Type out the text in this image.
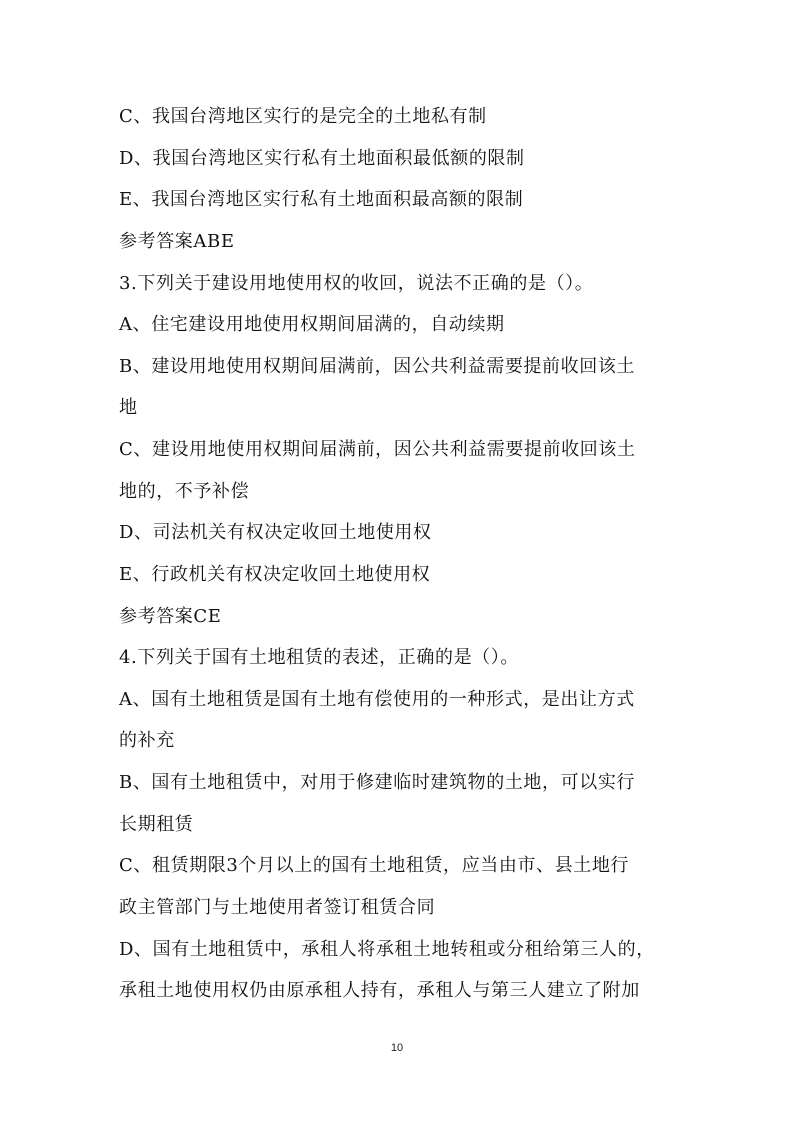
C、我国台湾地区实行的是完全的土地私有制
D、我国台湾地区实行私有土地面积最低额的限制
E、我国台湾地区实行私有土地面积最高额的限制
参考答案ABE
3.下列关于建设用地使用权的收回，说法不正确的是（）。
A、住宅建设用地使用权期间届满的，自动续期
B、建设用地使用权期间届满前，因公共利益需要提前收回该土
地
C、建设用地使用权期间届满前，因公共利益需要提前收回该土
地的，不予补偿
D、司法机关有权决定收回土地使用权
E、行政机关有权决定收回土地使用权
参考答案CE
4.下列关于国有土地租赁的表述，正确的是（）。
A、国有土地租赁是国有土地有偿使用的一种形式，是出让方式
的补充
B、国有土地租赁中，对用于修建临时建筑物的土地，可以实行
长期租赁
C、租赁期限3个月以上的国有土地租赁，应当由市、县土地行
政主管部门与土地使用者签订租赁合同
D、国有土地租赁中，承租人将承租土地转租或分租给第三人的，
承租土地使用权仍由原承租人持有，承租人与第三人建立了附加
10
